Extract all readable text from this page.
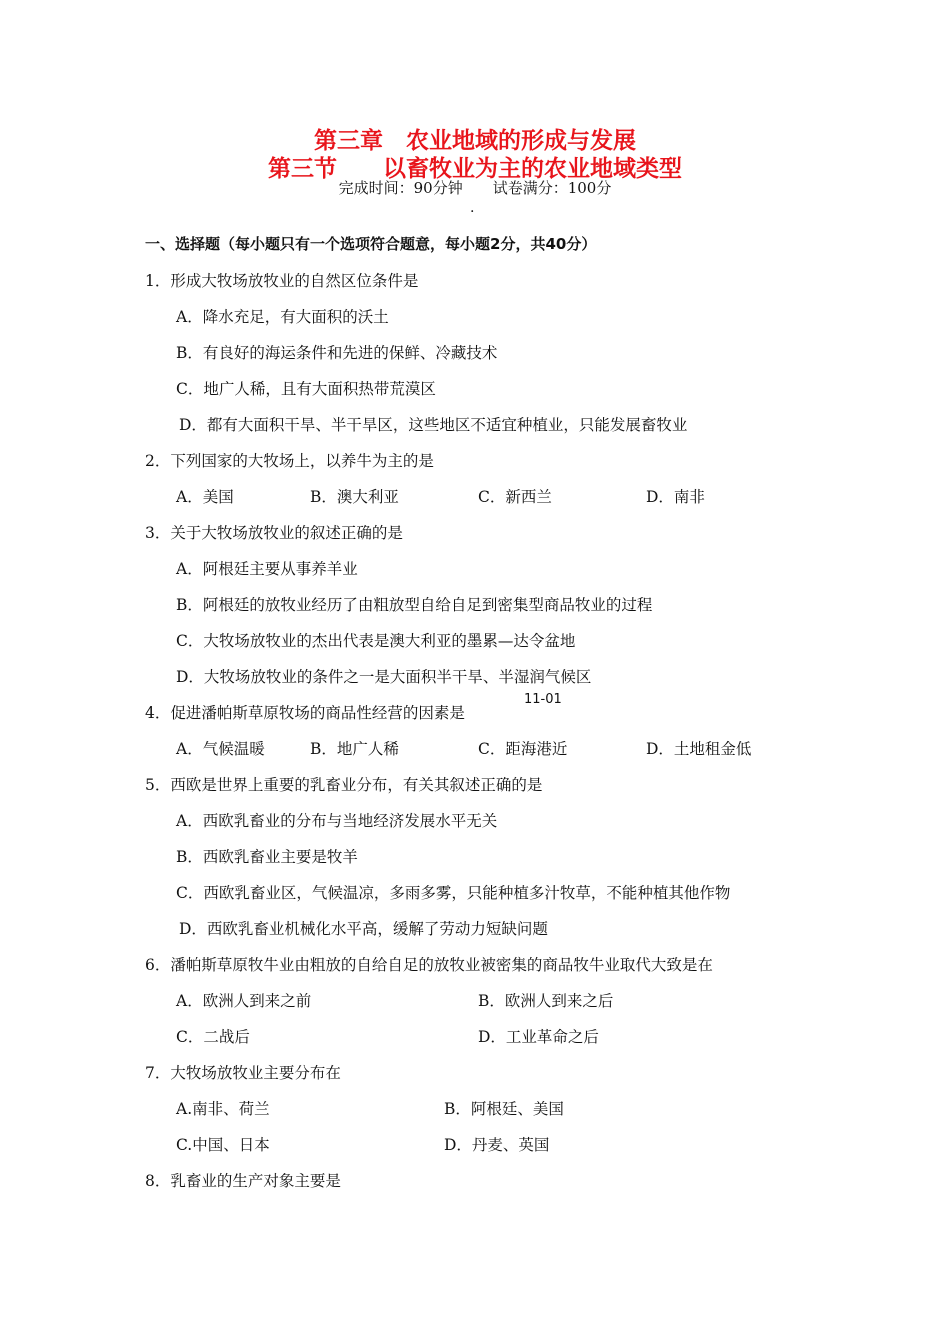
第三章　农业地域的形成与发展
第三节　　以畜牧业为主的农业地域类型
完成时间：90分钟　　试卷满分：100分
.
一、选择题（每小题只有一个选项符合题意，每小题2分，共40分）
1．形成大牧场放牧业的自然区位条件是
A．降水充足，有大面积的沃土
B．有良好的海运条件和先进的保鲜、冷藏技术
C．地广人稀，且有大面积热带荒漠区
D．都有大面积干旱、半干旱区，这些地区不适宜种植业，只能发展畜牧业
2．下列国家的大牧场上，以养牛为主的是
A．美国	B．澳大利亚	C．新西兰	D．南非
3．关于大牧场放牧业的叙述正确的是
A．阿根廷主要从事养羊业
B．阿根廷的放牧业经历了由粗放型自给自足到密集型商品牧业的过程
C．大牧场放牧业的杰出代表是澳大利亚的墨累—达令盆地
D．大牧场放牧业的条件之一是大面积半干旱、半湿润气候区
4．促进潘帕斯草原牧场的商品性经营的因素是
11-01
A．气候温暖	B．地广人稀	C．距海港近	D．土地租金低
5．西欧是世界上重要的乳畜业分布，有关其叙述正确的是
A．西欧乳畜业的分布与当地经济发展水平无关
B．西欧乳畜业主要是牧羊
C．西欧乳畜业区，气候温凉，多雨多雾，只能种植多汁牧草，不能种植其他作物
D．西欧乳畜业机械化水平高，缓解了劳动力短缺问题
6．潘帕斯草原牧牛业由粗放的自给自足的放牧业被密集的商品牧牛业取代大致是在
A．欧洲人到来之前	B．欧洲人到来之后
C．二战后	D．工业革命之后
7．大牧场放牧业主要分布在
A.南非、荷兰	B．阿根廷、美国
C.中国、日本	D．丹麦、英国
8．乳畜业的生产对象主要是
